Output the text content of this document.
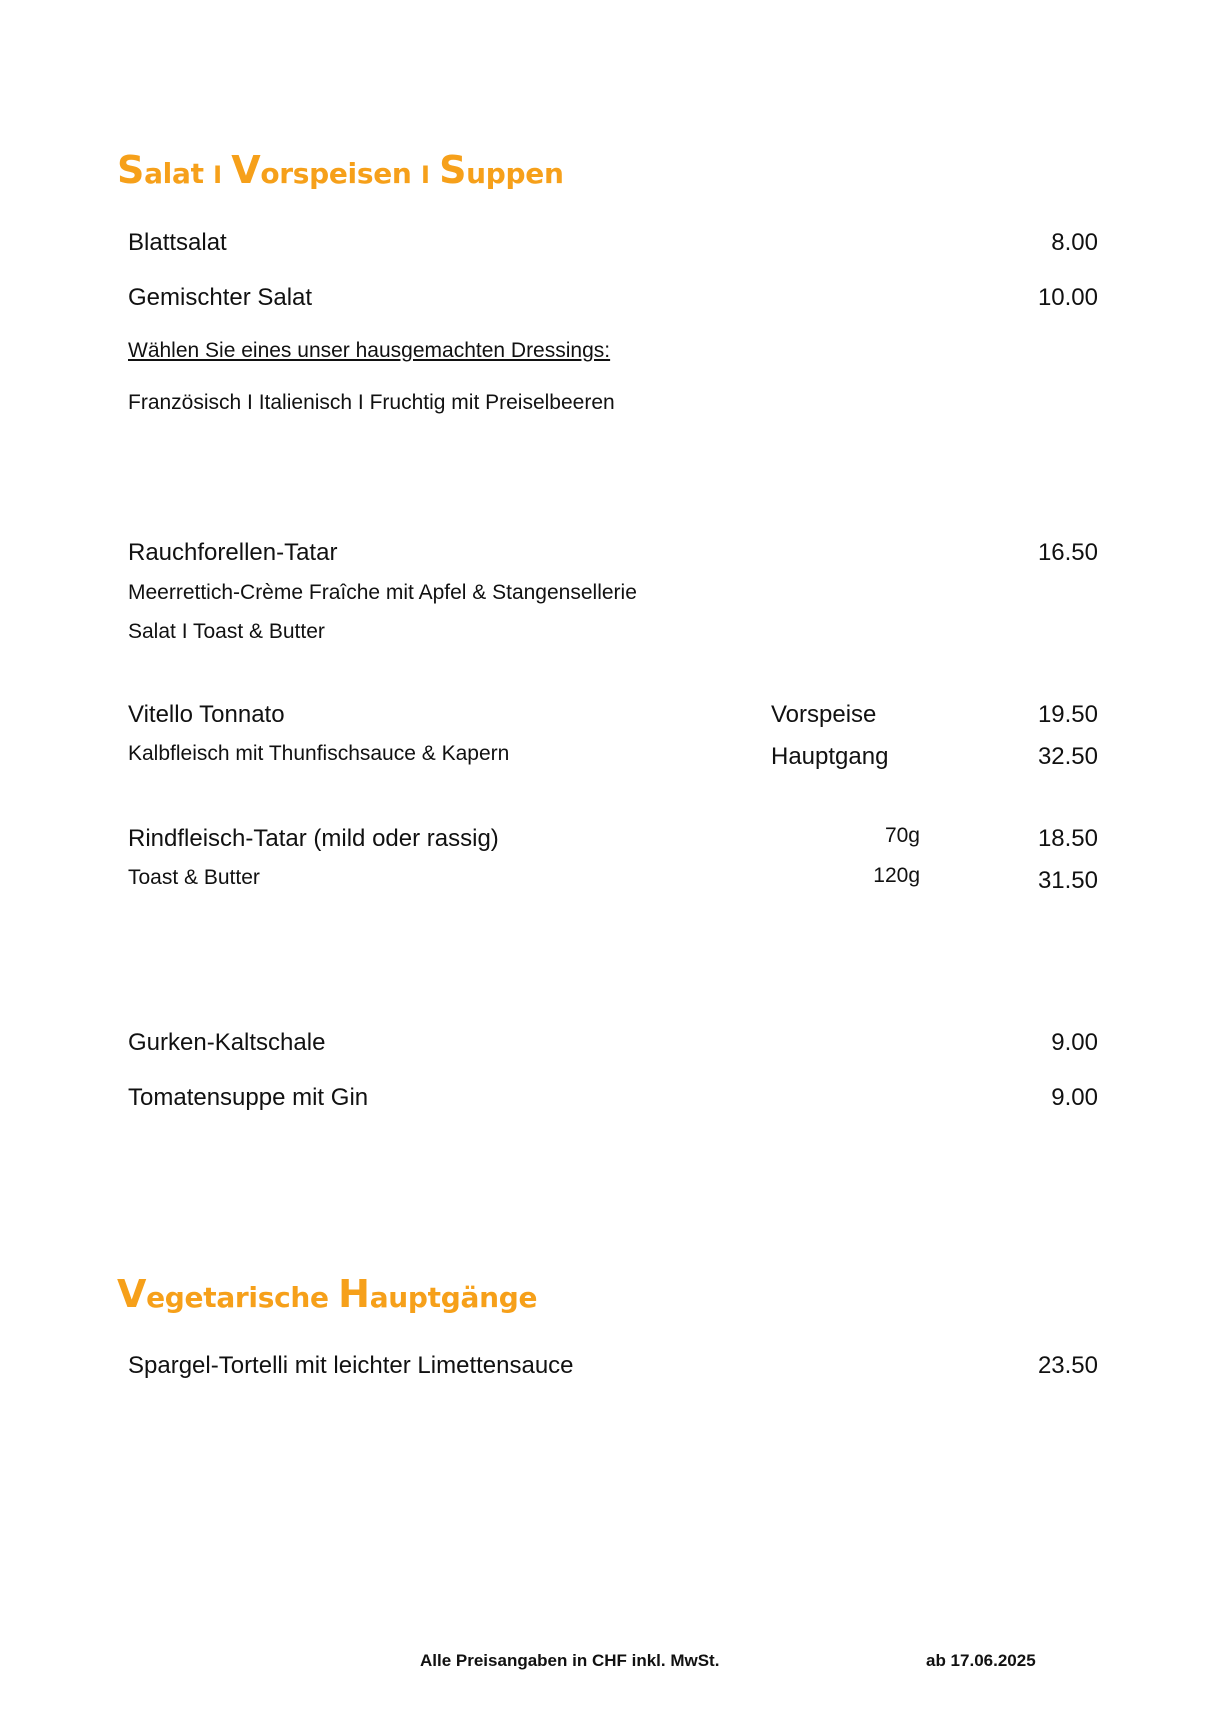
Salat I Vorspeisen I Suppen
Blattsalat	8.00
Gemischter Salat	10.00
Wählen Sie eines unser hausgemachten Dressings:
Französisch I Italienisch I Fruchtig mit Preiselbeeren
Rauchforellen-Tatar	16.50
Meerrettich-Crème Fraîche mit Apfel & Stangensellerie
Salat I Toast & Butter
Vitello Tonnato	Vorspeise	19.50
Kalbfleisch mit Thunfischsauce & Kapern	Hauptgang	32.50
Rindfleisch-Tatar (mild oder rassig)	70g	18.50
Toast & Butter	120g	31.50
Gurken-Kaltschale	9.00
Tomatensuppe mit Gin	9.00
Vegetarische Hauptgänge
Spargel-Tortelli mit leichter Limettensauce	23.50
Alle Preisangaben in CHF inkl. MwSt.	ab 17.06.2025
